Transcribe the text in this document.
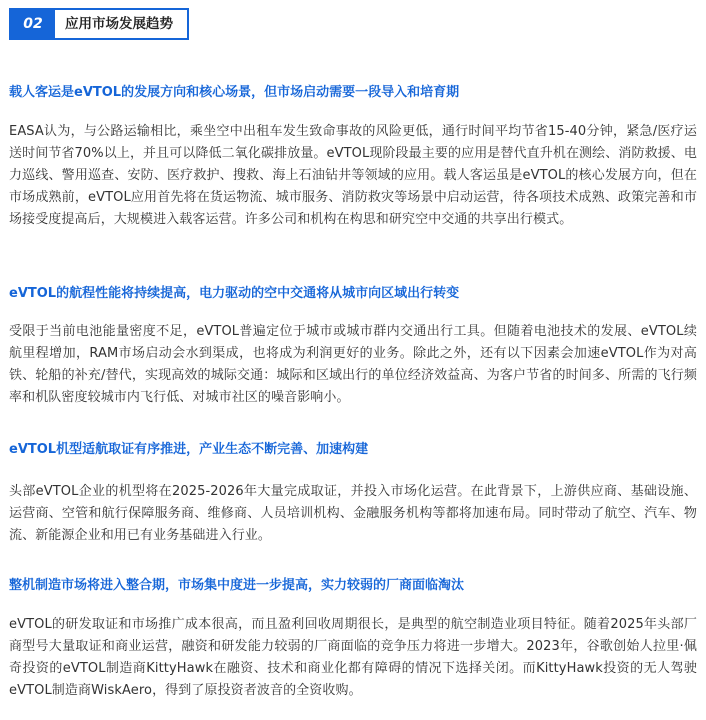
02	应用市场发展趋势
载人客运是eVTOL的发展方向和核心场景，但市场启动需要一段导入和培育期
EASA认为，与公路运输相比，乘坐空中出租车发生致命事故的风险更低，通行时间平均节省15-40分钟，紧急/医疗运送时间节省70%以上，并且可以降低二氧化碳排放量。eVTOL现阶段最主要的应用是替代直升机在测绘、消防救援、电力巡线、警用巡查、安防、医疗救护、搜救、海上石油钻井等领域的应用。载人客运虽是eVTOL的核心发展方向，但在市场成熟前，eVTOL应用首先将在货运物流、城市服务、消防救灾等场景中启动运营，待各项技术成熟、政策完善和市场接受度提高后，大规模进入载客运营。许多公司和机构在构思和研究空中交通的共享出行模式。
eVTOL的航程性能将持续提高，电力驱动的空中交通将从城市向区域出行转变
受限于当前电池能量密度不足，eVTOL普遍定位于城市或城市群内交通出行工具。但随着电池技术的发展、eVTOL续航里程增加，RAM市场启动会水到渠成，也将成为利润更好的业务。除此之外，还有以下因素会加速eVTOL作为对高铁、轮船的补充/替代，实现高效的城际交通：城际和区域出行的单位经济效益高、为客户节省的时间多、所需的飞行频率和机队密度较城市内飞行低、对城市社区的噪音影响小。
eVTOL机型适航取证有序推进，产业生态不断完善、加速构建
头部eVTOL企业的机型将在2025-2026年大量完成取证，并投入市场化运营。在此背景下，上游供应商、基础设施、运营商、空管和航行保障服务商、维修商、人员培训机构、金融服务机构等都将加速布局。同时带动了航空、汽车、物流、新能源企业和用已有业务基础进入行业。
整机制造市场将进入整合期，市场集中度进一步提高，实力较弱的厂商面临淘汰
eVTOL的研发取证和市场推广成本很高，而且盈利回收周期很长，是典型的航空制造业项目特征。随着2025年头部厂商型号大量取证和商业运营，融资和研发能力较弱的厂商面临的竞争压力将进一步增大。2023年，谷歌创始人拉里·佩奇投资的eVTOL制造商KittyHawk在融资、技术和商业化都有障碍的情况下选择关闭。而KittyHawk投资的无人驾驶eVTOL制造商WiskAero，得到了原投资者波音的全资收购。
